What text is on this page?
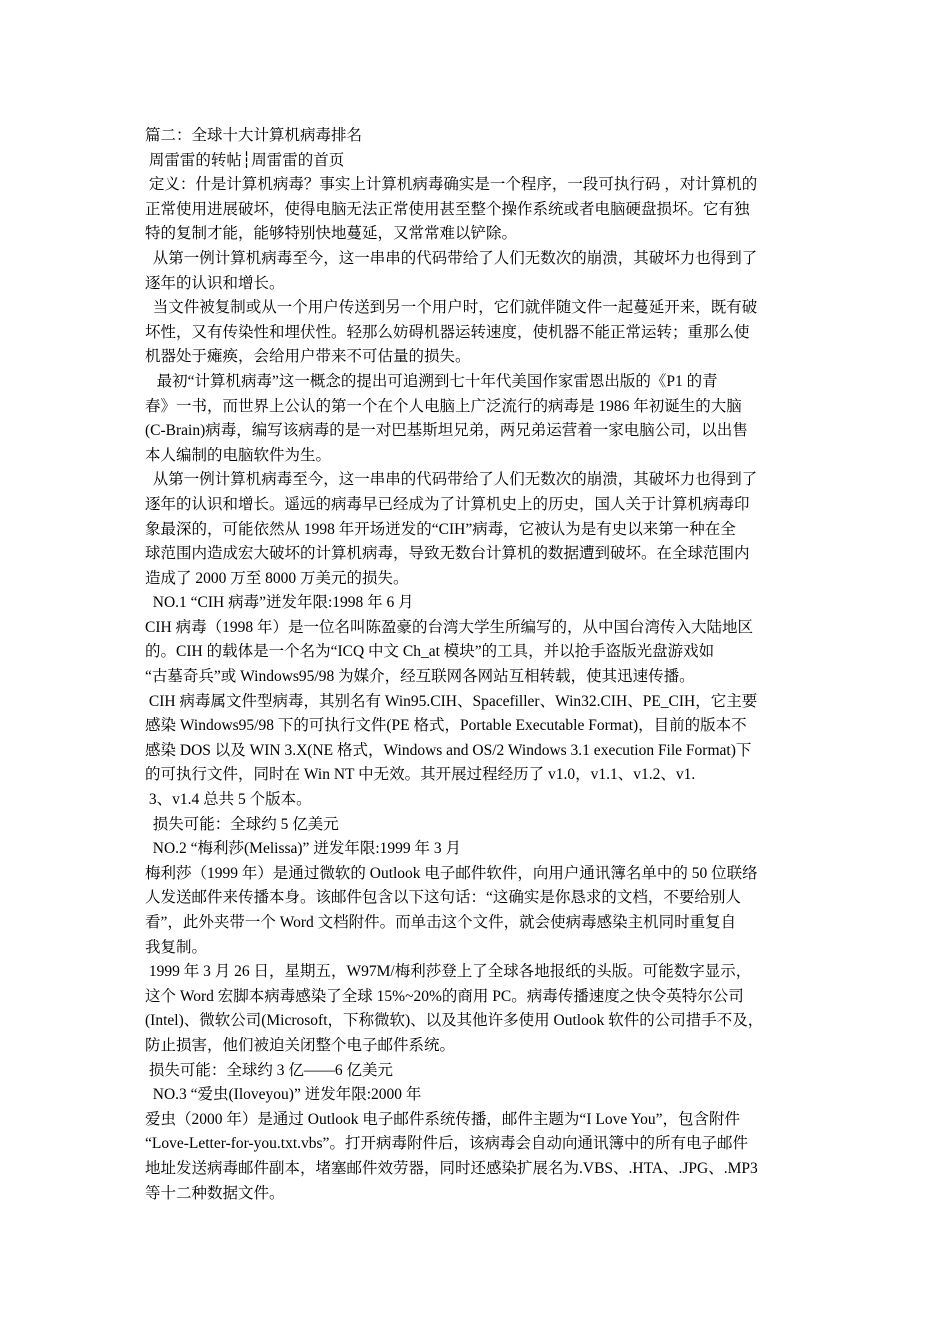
篇二：全球十大计算机病毒排名
周雷雷的转帖┆周雷雷的首页
定义：什是计算机病毒？事实上计算机病毒确实是一个程序，一段可执行码 ，对计算机的
正常使用进展破坏，使得电脑无法正常使用甚至整个操作系统或者电脑硬盘损坏。它有独
特的复制才能，能够特别快地蔓延，又常常难以铲除。
从第一例计算机病毒至今，这一串串的代码带给了人们无数次的崩溃，其破坏力也得到了
逐年的认识和增长。
当文件被复制或从一个用户传送到另一个用户时，它们就伴随文件一起蔓延开来，既有破
坏性，又有传染性和埋伏性。轻那么妨碍机器运转速度，使机器不能正常运转；重那么使
机器处于瘫痪，会给用户带来不可估量的损失。
最初“计算机病毒”这一概念的提出可追溯到七十年代美国作家雷恩出版的《P1 的青
春》一书，而世界上公认的第一个在个人电脑上广泛流行的病毒是 1986 年初诞生的大脑
(C-Brain)病毒，编写该病毒的是一对巴基斯坦兄弟，两兄弟运营着一家电脑公司，以出售
本人编制的电脑软件为生。
从第一例计算机病毒至今，这一串串的代码带给了人们无数次的崩溃，其破坏力也得到了
逐年的认识和增长。遥远的病毒早已经成为了计算机史上的历史，国人关于计算机病毒印
象最深的，可能依然从 1998 年开场迸发的“CIH”病毒，它被认为是有史以来第一种在全
球范围内造成宏大破坏的计算机病毒，导致无数台计算机的数据遭到破坏。在全球范围内
造成了 2000 万至 8000 万美元的损失。
NO.1 “CIH 病毒”迸发年限:1998 年 6 月
CIH 病毒（1998 年）是一位名叫陈盈豪的台湾大学生所编写的，从中国台湾传入大陆地区
的。CIH 的载体是一个名为“ICQ 中文 Ch_at 模块”的工具，并以抢手盗版光盘游戏如
“古墓奇兵”或 Windows95/98 为媒介，经互联网各网站互相转载，使其迅速传播。
CIH 病毒属文件型病毒，其别名有 Win95.CIH、Spacefiller、Win32.CIH、PE_CIH，它主要
感染 Windows95/98 下的可执行文件(PE 格式，Portable Executable Format)，目前的版本不
感染 DOS 以及 WIN 3.X(NE 格式，Windows and OS/2 Windows 3.1 execution File Format)下
的可执行文件，同时在 Win NT 中无效。其开展过程经历了 v1.0，v1.1、v1.2、v1.
3、v1.4 总共 5 个版本。
损失可能：全球约 5 亿美元
NO.2 “梅利莎(Melissa)” 迸发年限:1999 年 3 月
梅利莎（1999 年）是通过微软的 Outlook 电子邮件软件，向用户通讯簿名单中的 50 位联络
人发送邮件来传播本身。该邮件包含以下这句话：“这确实是你恳求的文档，不要给别人
看”，此外夹带一个 Word 文档附件。而单击这个文件，就会使病毒感染主机同时重复自
我复制。
1999 年 3 月 26 日，星期五，W97M/梅利莎登上了全球各地报纸的头版。可能数字显示，
这个 Word 宏脚本病毒感染了全球 15%~20%的商用 PC。病毒传播速度之快令英特尔公司
(Intel)、微软公司(Microsoft，下称微软)、以及其他许多使用 Outlook 软件的公司措手不及，
防止损害，他们被迫关闭整个电子邮件系统。
损失可能：全球约 3 亿——6 亿美元
NO.3 “爱虫(Iloveyou)” 迸发年限:2000 年
爱虫（2000 年）是通过 Outlook 电子邮件系统传播，邮件主题为“I Love You”，包含附件
“Love-Letter-for-you.txt.vbs”。打开病毒附件后，该病毒会自动向通讯簿中的所有电子邮件
地址发送病毒邮件副本，堵塞邮件效劳器，同时还感染扩展名为.VBS、.HTA、.JPG、.MP3
等十二种数据文件。
